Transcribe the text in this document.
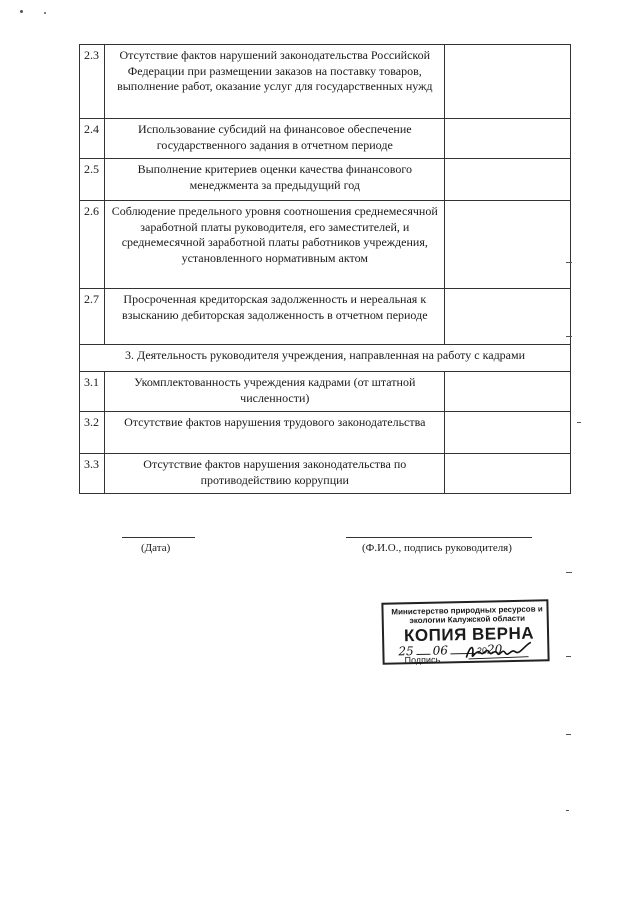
2.3	Отсутствие фактов нарушений законодательства Российской Федерации при размещении заказов на поставку товаров, выполнение работ, оказание услуг для государственных нужд	
2.4	Использование субсидий на финансовое обеспечение государственного задания в отчетном периоде	
2.5	Выполнение критериев оценки качества финансового менеджмента за предыдущий год	
2.6	Соблюдение предельного уровня соотношения среднемесячной заработной платы руководителя, его заместителей, и среднемесячной заработной платы работников учреждения, установленного нормативным актом	
2.7	Просроченная кредиторская задолженность и нереальная к взысканию дебиторская задолженность в отчетном периоде	
3. Деятельность руководителя учреждения, направленная на работу с кадрами		
3.1	Укомплектованность учреждения кадрами (от штатной численности)	
3.2	Отсутствие фактов нарушения трудового законодательства	
3.3	Отсутствие фактов нарушения законодательства по противодействию коррупции	
(Дата)	(Ф.И.О., подпись руководителя)
Министерство природных ресурсов и экологии Калужской области
КОПИЯ ВЕРНА
25 06	2020
Подпись
